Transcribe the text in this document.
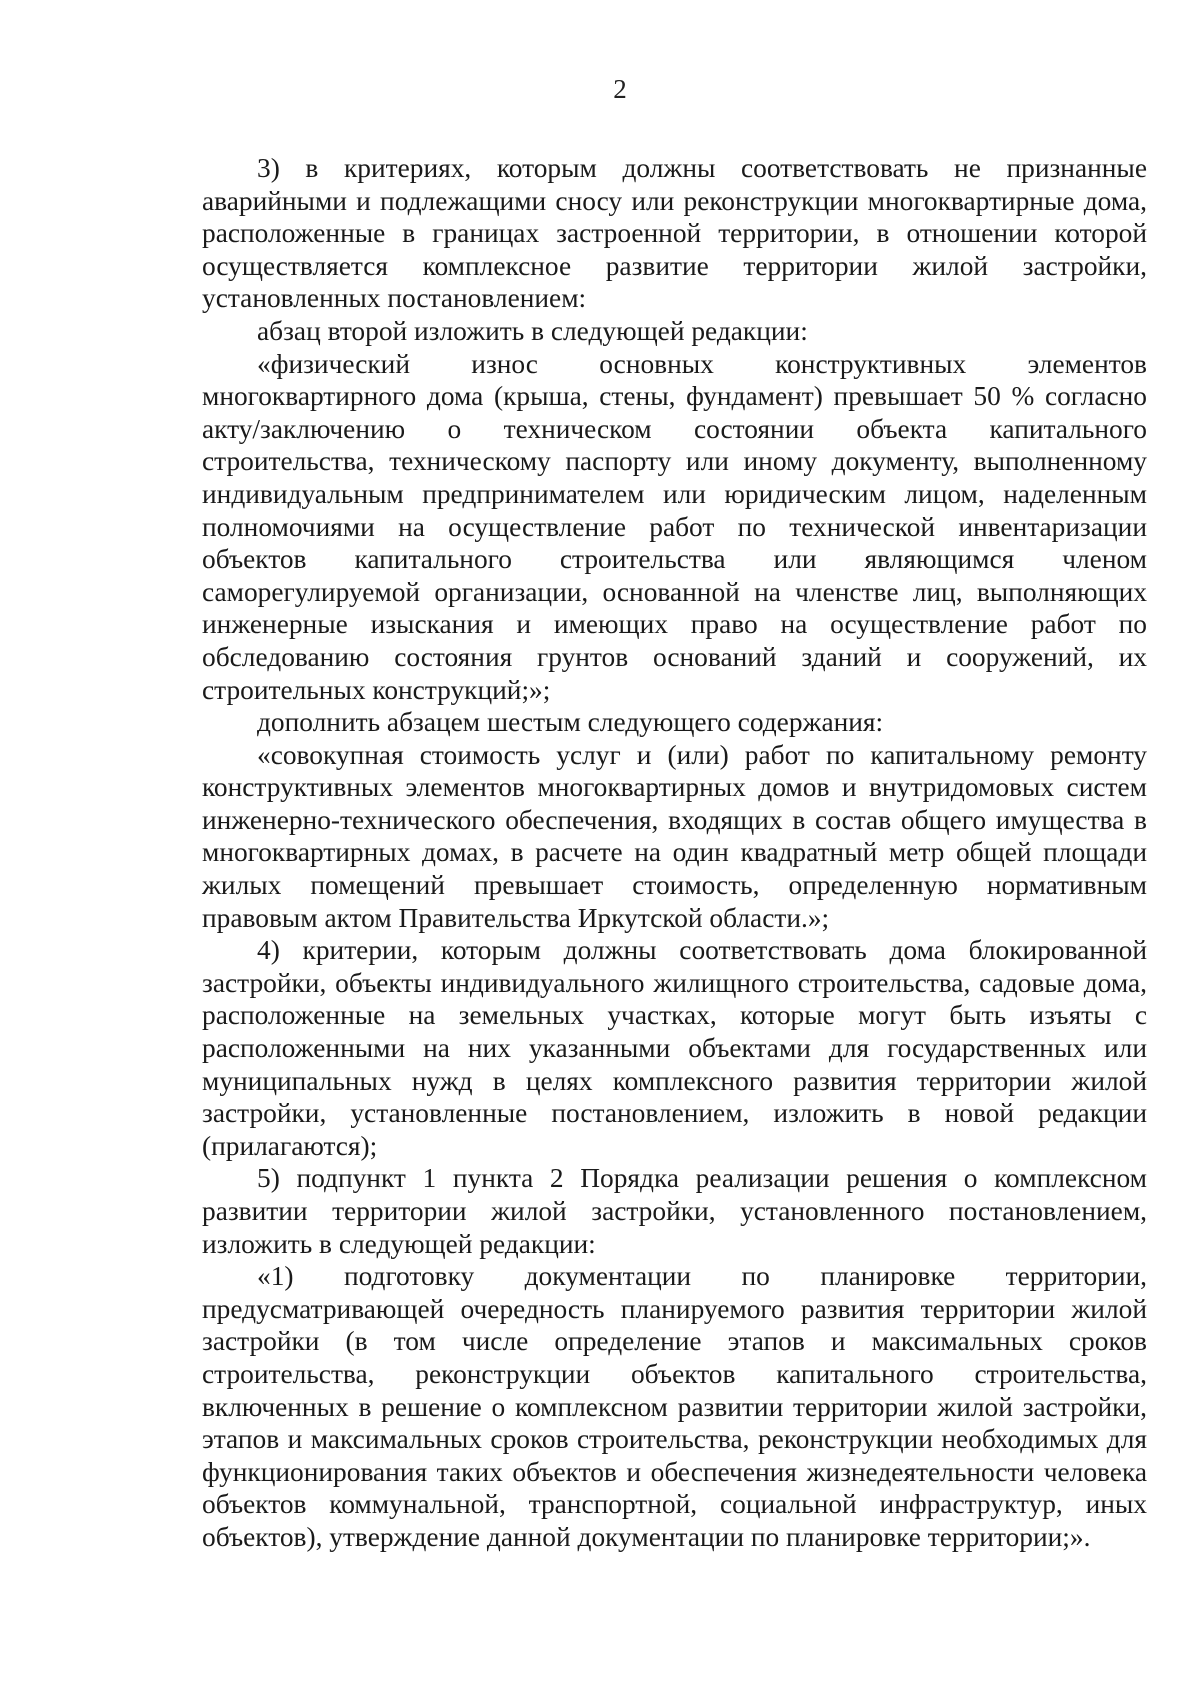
2

3) в критериях, которым должны соответствовать не признанные аварийными и подлежащими сносу или реконструкции многоквартирные дома, расположенные в границах застроенной территории, в отношении которой осуществляется комплексное развитие территории жилой застройки, установленных постановлением:

абзац второй изложить в следующей редакции:

«физический износ основных конструктивных элементов многоквартирного дома (крыша, стены, фундамент) превышает 50 % согласно акту/заключению о техническом состоянии объекта капитального строительства, техническому паспорту или иному документу, выполненному индивидуальным предпринимателем или юридическим лицом, наделенным полномочиями на осуществление работ по технической инвентаризации объектов капитального строительства или являющимся членом саморегулируемой организации, основанной на членстве лиц, выполняющих инженерные изыскания и имеющих право на осуществление работ по обследованию состояния грунтов оснований зданий и сооружений, их строительных конструкций;»;

дополнить абзацем шестым следующего содержания:

«совокупная стоимость услуг и (или) работ по капитальному ремонту конструктивных элементов многоквартирных домов и внутридомовых систем инженерно-технического обеспечения, входящих в состав общего имущества в многоквартирных домах, в расчете на один квадратный метр общей площади жилых помещений превышает стоимость, определенную нормативным правовым актом Правительства Иркутской области.»;

4) критерии, которым должны соответствовать дома блокированной застройки, объекты индивидуального жилищного строительства, садовые дома, расположенные на земельных участках, которые могут быть изъяты с расположенными на них указанными объектами для государственных или муниципальных нужд в целях комплексного развития территории жилой застройки, установленные постановлением, изложить в новой редакции (прилагаются);

5) подпункт 1 пункта 2 Порядка реализации решения о комплексном развитии территории жилой застройки, установленного постановлением, изложить в следующей редакции:

«1) подготовку документации по планировке территории, предусматривающей очередность планируемого развития территории жилой застройки (в том числе определение этапов и максимальных сроков строительства, реконструкции объектов капитального строительства, включенных в решение о комплексном развитии территории жилой застройки, этапов и максимальных сроков строительства, реконструкции необходимых для функционирования таких объектов и обеспечения жизнедеятельности человека объектов коммунальной, транспортной, социальной инфраструктур, иных объектов), утверждение данной документации по планировке территории;».
